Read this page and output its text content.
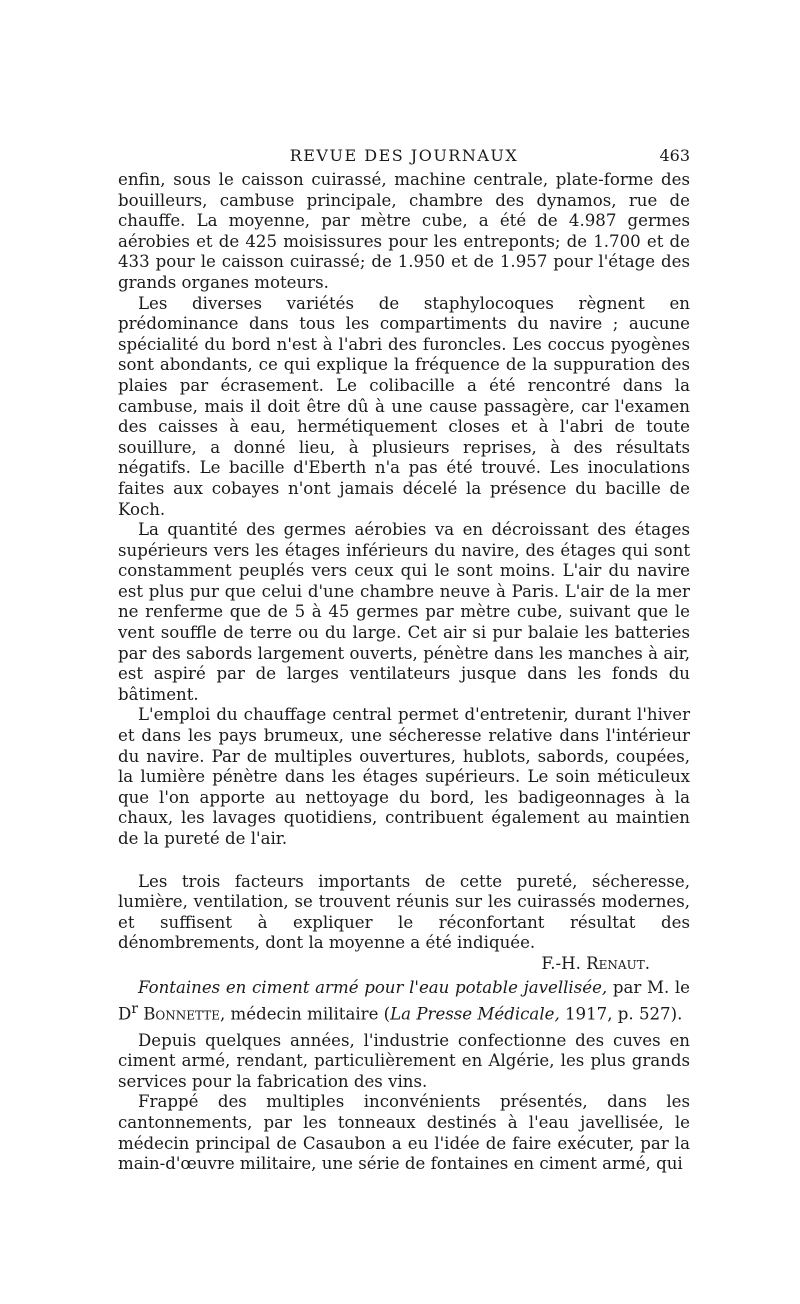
REVUE DES JOURNAUX	463

enfin, sous le caisson cuirassé, machine centrale, plate-forme des bouilleurs, cambuse principale, chambre des dynamos, rue de chauffe. La moyenne, par mètre cube, a été de 4.987 germes aérobies et de 425 moisissures pour les entreponts; de 1.700 et de 433 pour le caisson cuirassé; de 1.950 et de 1.957 pour l'étage des grands organes moteurs.

Les diverses variétés de staphylocoques règnent en prédominance dans tous les compartiments du navire ; aucune spécialité du bord n'est à l'abri des furoncles. Les coccus pyogènes sont abondants, ce qui explique la fréquence de la suppuration des plaies par écrasement. Le colibacille a été rencontré dans la cambuse, mais il doit être dû à une cause passagère, car l'examen des caisses à eau, hermétiquement closes et à l'abri de toute souillure, a donné lieu, à plusieurs reprises, à des résultats négatifs. Le bacille d'Eberth n'a pas été trouvé. Les inoculations faites aux cobayes n'ont jamais décelé la présence du bacille de Koch.

La quantité des germes aérobies va en décroissant des étages supérieurs vers les étages inférieurs du navire, des étages qui sont constamment peuplés vers ceux qui le sont moins. L'air du navire est plus pur que celui d'une chambre neuve à Paris. L'air de la mer ne renferme que de 5 à 45 germes par mètre cube, suivant que le vent souffle de terre ou du large. Cet air si pur balaie les batteries par des sabords largement ouverts, pénètre dans les manches à air, est aspiré par de larges ventilateurs jusque dans les fonds du bâtiment.

L'emploi du chauffage central permet d'entretenir, durant l'hiver et dans les pays brumeux, une sécheresse relative dans l'intérieur du navire. Par de multiples ouvertures, hublots, sabords, coupées, la lumière pénètre dans les étages supérieurs. Le soin méticuleux que l'on apporte au nettoyage du bord, les badigeonnages à la chaux, les lavages quotidiens, contribuent également au maintien de la pureté de l'air.

Les trois facteurs importants de cette pureté, sécheresse, lumière, ventilation, se trouvent réunis sur les cuirassés modernes, et suffisent à expliquer le réconfortant résultat des dénombrements, dont la moyenne a été indiquée.
F.-H. Renaut.

Fontaines en ciment armé pour l'eau potable javellisée, par M. le $D^r$ Bonnette, médecin militaire (La Presse Médicale, 1917, p. 527).

Depuis quelques années, l'industrie confectionne des cuves en ciment armé, rendant, particulièrement en Algérie, les plus grands services pour la fabrication des vins.

Frappé des multiples inconvénients présentés, dans les cantonnements, par les tonneaux destinés à l'eau javellisée, le médecin principal de Casaubon a eu l'idée de faire exécuter, par la main-d'œuvre militaire, une série de fontaines en ciment armé, qui
